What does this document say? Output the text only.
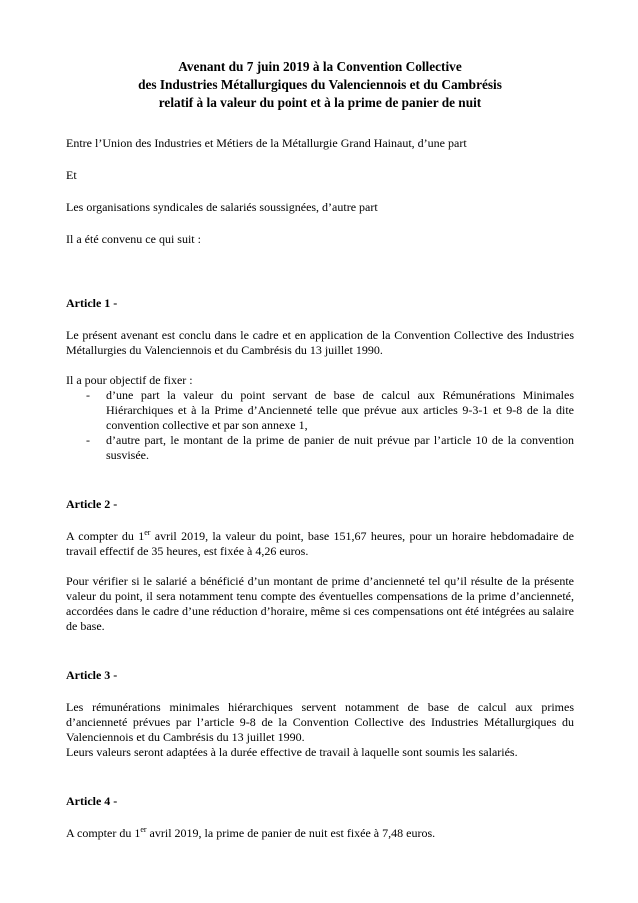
Avenant du 7 juin 2019 à la Convention Collective
des Industries Métallurgiques du Valenciennois et du Cambrésis
relatif à la valeur du point et à la prime de panier de nuit

Entre l’Union des Industries et Métiers de la Métallurgie Grand Hainaut, d’une part

Et

Les organisations syndicales de salariés soussignées, d’autre part

Il a été convenu ce qui suit :

Article 1 -

Le présent avenant est conclu dans le cadre et en application de la Convention Collective des Industries Métallurgies du Valenciennois et du Cambrésis du 13 juillet 1990.

Il a pour objectif de fixer :

- d’une part la valeur du point servant de base de calcul aux Rémunérations Minimales Hiérarchiques et à la Prime d’Ancienneté telle que prévue aux articles 9-3-1 et 9-8 de la dite convention collective et par son annexe 1,
- d’autre part, le montant de la prime de panier de nuit prévue par l’article 10 de la convention susvisée.

Article 2 -

A compter du 1er avril 2019, la valeur du point, base 151,67 heures, pour un horaire hebdomadaire de travail effectif de 35 heures, est fixée à 4,26 euros.

Pour vérifier si le salarié a bénéficié d’un montant de prime d’ancienneté tel qu’il résulte de la présente valeur du point, il sera notamment tenu compte des éventuelles compensations de la prime d’ancienneté, accordées dans le cadre d’une réduction d’horaire, même si ces compensations ont été intégrées au salaire de base.

Article 3 -

Les rémunérations minimales hiérarchiques servent notamment de base de calcul aux primes d’ancienneté prévues par l’article 9-8 de la Convention Collective des Industries Métallurgiques du Valenciennois et du Cambrésis du 13 juillet 1990.

Leurs valeurs seront adaptées à la durée effective de travail à laquelle sont soumis les salariés.

Article 4 -

A compter du 1er avril 2019, la prime de panier de nuit est fixée à 7,48 euros.
